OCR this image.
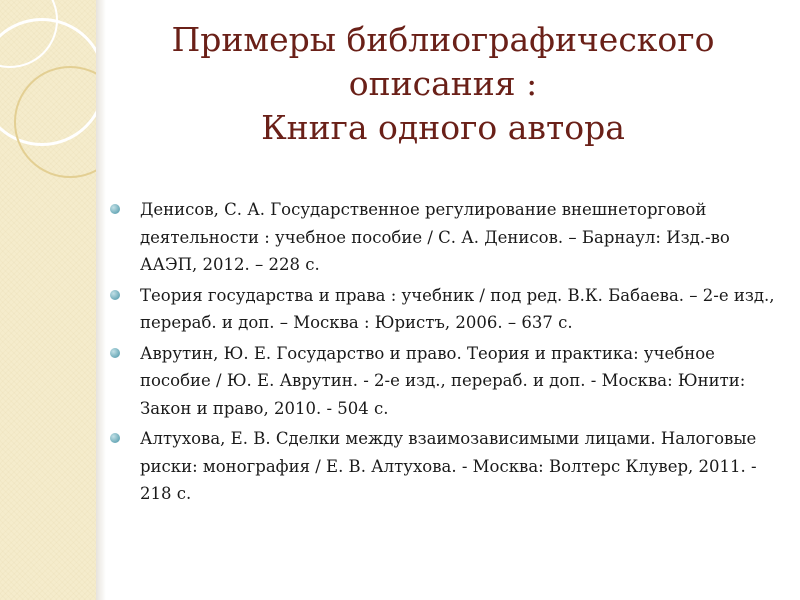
Примеры библиографического
описания :
Книга одного автора
Денисов, С. А. Государственное регулирование внешнеторговой деятельности : учебное пособие / С. А. Денисов. – Барнаул: Изд.-во ААЭП, 2012. – 228 с.
Теория государства и права : учебник / под ред. В.К. Бабаева. – 2-е изд., перераб. и доп. – Москва : Юристъ, 2006. – 637 с.
Аврутин, Ю. Е. Государство и право. Теория и практика: учебное пособие / Ю. Е. Аврутин. - 2-е изд., перераб. и доп. - Москва: Юнити: Закон и право, 2010. - 504 с.
Алтухова, Е. В. Сделки между взаимозависимыми лицами. Налоговые риски: монография / Е. В. Алтухова. - Москва: Волтерс Клувер, 2011. - 218 с.
